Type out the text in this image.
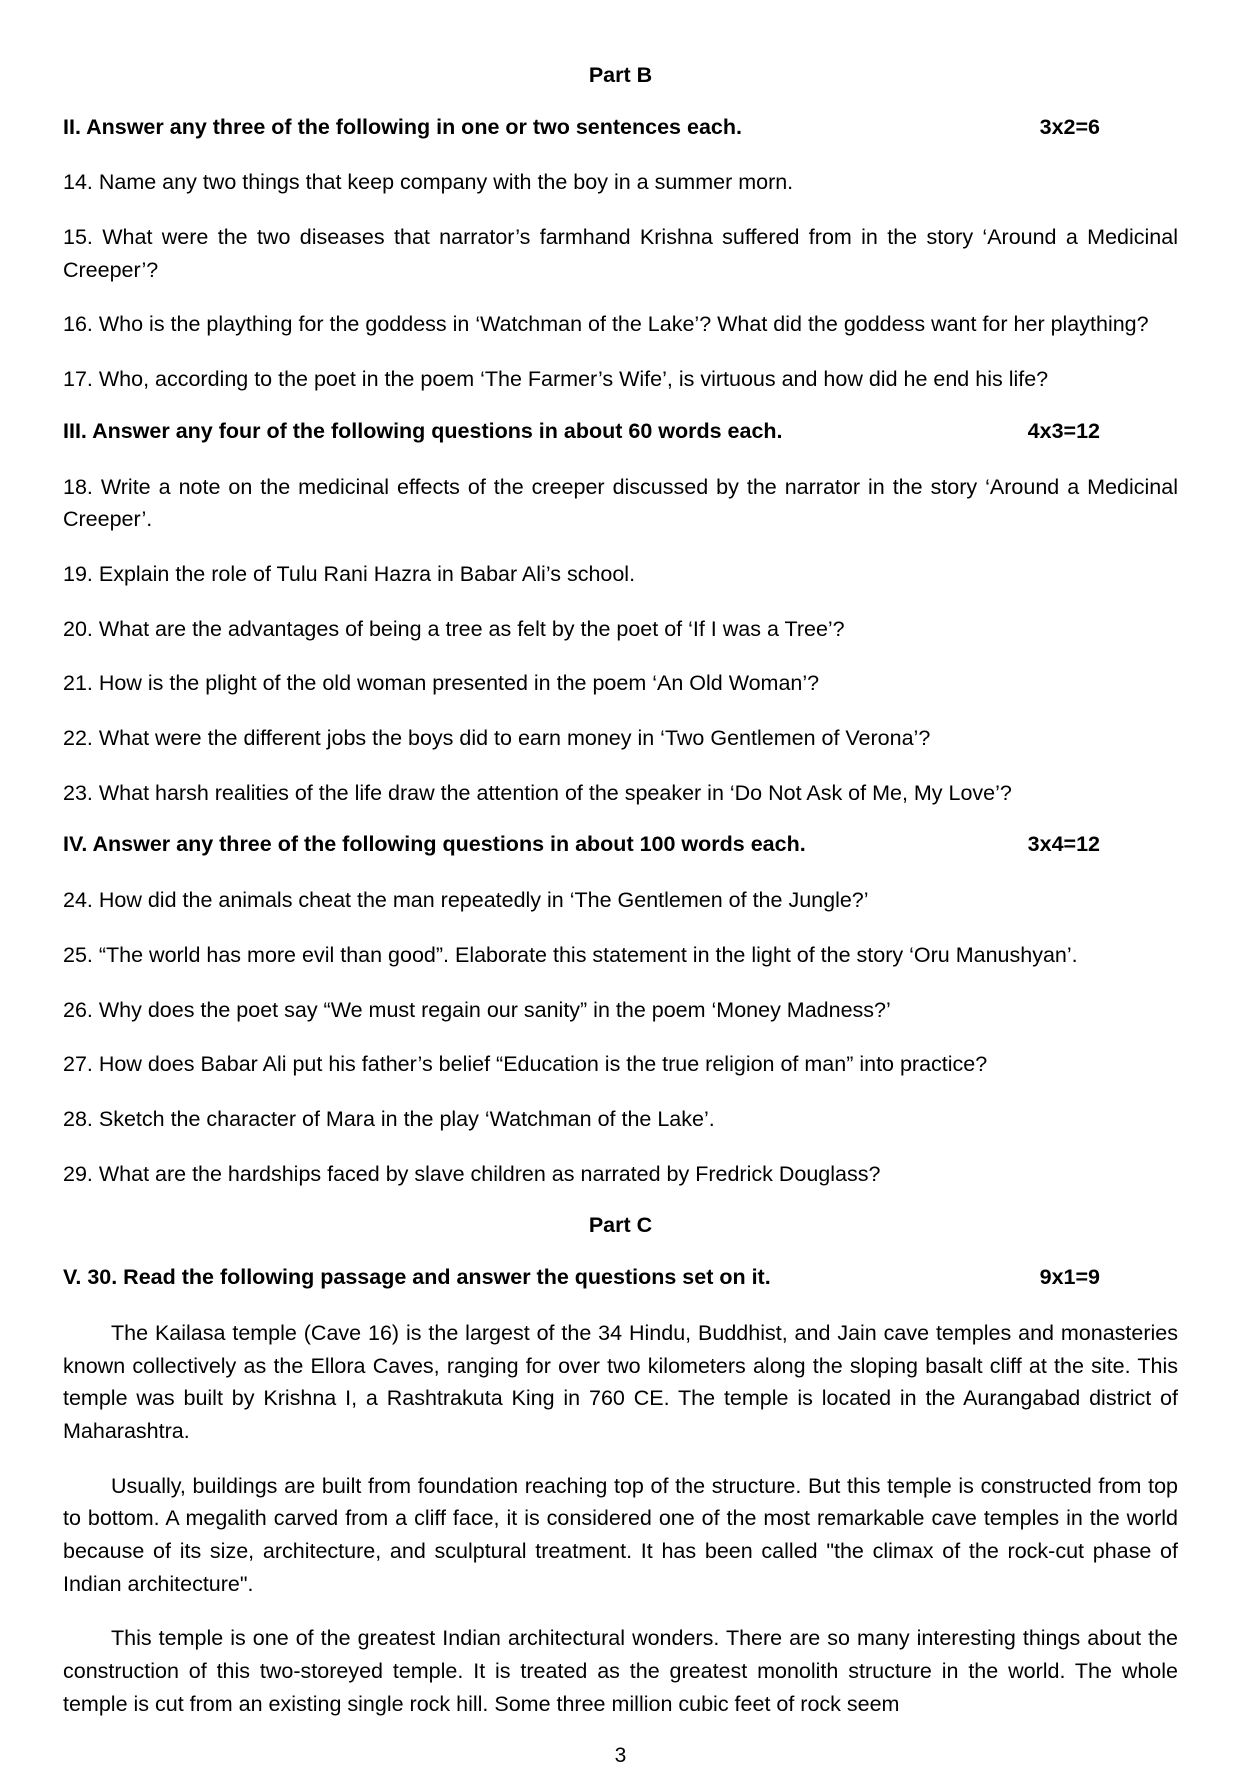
Part B
II. Answer any three of the following in one or two sentences each.	3x2=6

14. Name any two things that keep company with the boy in a summer morn.

15. What were the two diseases that narrator’s farmhand Krishna suffered from in the story ‘Around a Medicinal Creeper’?

16. Who is the plaything for the goddess in ‘Watchman of the Lake’? What did the goddess want for her plaything?

17. Who, according to the poet in the poem ‘The Farmer’s Wife’, is virtuous and how did he end his life?

III. Answer any four of the following questions in about 60 words each.	4x3=12

18. Write a note on the medicinal effects of the creeper discussed by the narrator in the story ‘Around a Medicinal Creeper’.

19. Explain the role of Tulu Rani Hazra in Babar Ali’s school.

20. What are the advantages of being a tree as felt by the poet of ‘If I was a Tree’?

21. How is the plight of the old woman presented in the poem ‘An Old Woman’?

22. What were the different jobs the boys did to earn money in ‘Two Gentlemen of Verona’?

23. What harsh realities of the life draw the attention of the speaker in ‘Do Not Ask of Me, My Love’?

IV. Answer any three of the following questions in about 100 words each.	3x4=12

24. How did the animals cheat the man repeatedly in ‘The Gentlemen of the Jungle?’

25. “The world has more evil than good”. Elaborate this statement in the light of the story ‘Oru Manushyan’.

26. Why does the poet say “We must regain our sanity” in the poem ‘Money Madness?’

27. How does Babar Ali put his father’s belief “Education is the true religion of man” into practice?

28. Sketch the character of Mara in the play ‘Watchman of the Lake’.

29. What are the hardships faced by slave children as narrated by Fredrick Douglass?

Part C
V. 30. Read the following passage and answer the questions set on it.	9x1=9

The Kailasa temple (Cave 16) is the largest of the 34 Hindu, Buddhist, and Jain cave temples and monasteries known collectively as the Ellora Caves, ranging for over two kilometers along the sloping basalt cliff at the site. This temple was built by Krishna I, a Rashtrakuta King in 760 CE. The temple is located in the Aurangabad district of Maharashtra.

Usually, buildings are built from foundation reaching top of the structure. But this temple is constructed from top to bottom. A megalith carved from a cliff face, it is considered one of the most remarkable cave temples in the world because of its size, architecture, and sculptural treatment. It has been called "the climax of the rock-cut phase of Indian architecture".

This temple is one of the greatest Indian architectural wonders. There are so many interesting things about the construction of this two-storeyed temple. It is treated as the greatest monolith structure in the world. The whole temple is cut from an existing single rock hill. Some three million cubic feet of rock seem

3
